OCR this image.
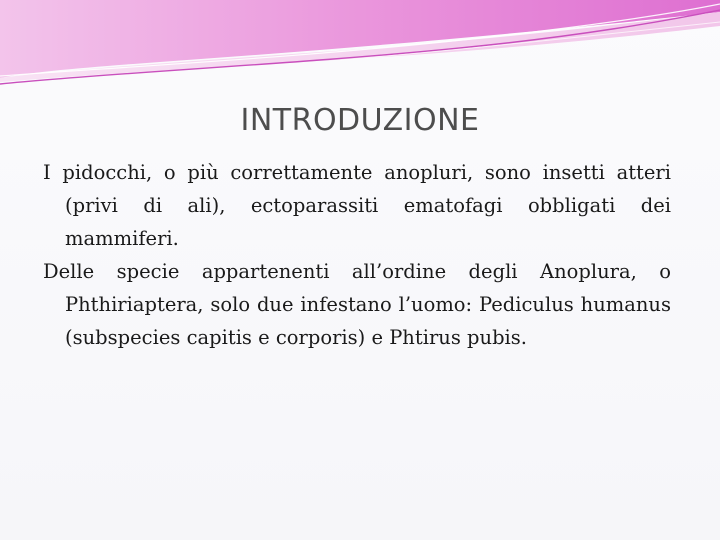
INTRODUZIONE

I pidocchi, o più correttamente anopluri, sono insetti atteri (privi di ali), ectoparassiti ematofagi obbligati dei mammiferi.

Delle specie appartenenti all’ordine degli Anoplura, o Phthiriaptera, solo due infestano l’uomo: Pediculus humanus (subspecies capitis e corporis) e Phtirus pubis.
